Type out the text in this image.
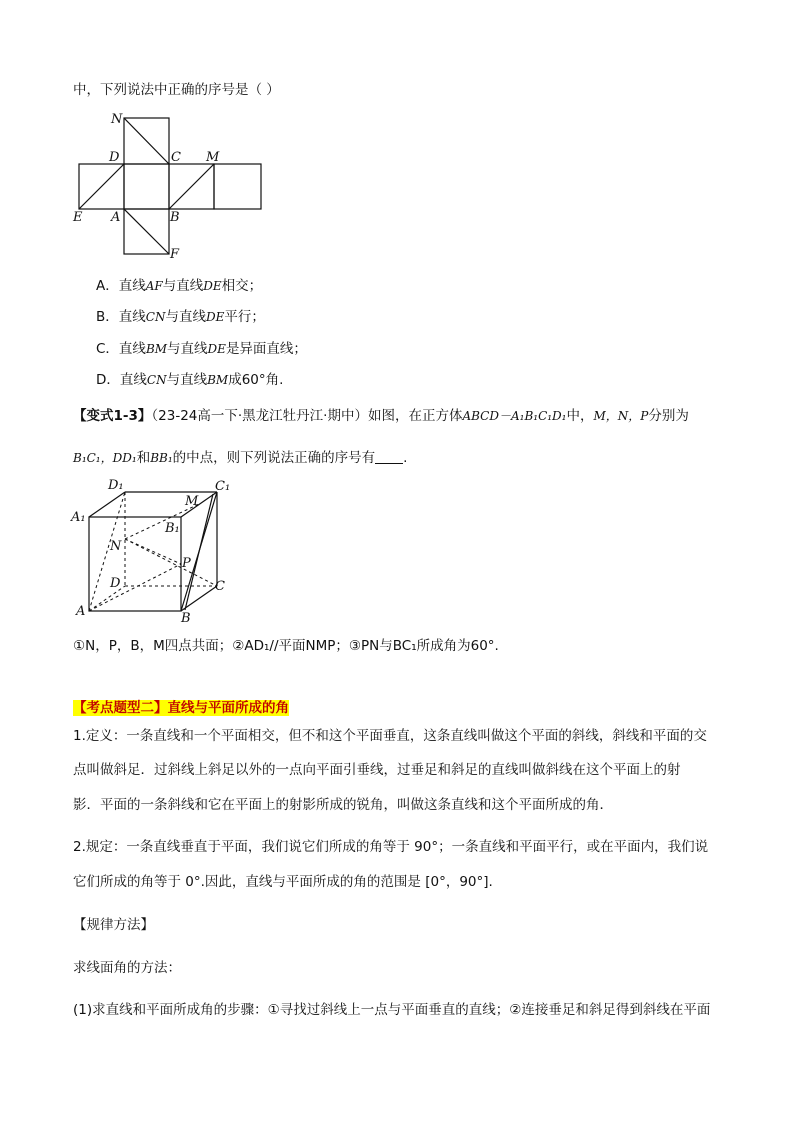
中，下列说法中正确的序号是（ ）
N
D	C M
E A	B
F
A．直线AF与直线DE相交；
B．直线CN与直线DE平行；
C．直线BM与直线DE是异面直线；
D．直线CN与直线BM成60°角.
【变式1-3】（23-24高一下·黑龙江牡丹江·期中）如图，在正方体ABCD－A₁B₁C₁D₁中，M，N，P分别为
B₁C₁，DD₁和BB₁的中点，则下列说法正确的序号有 .
D₁	C₁
A₁
M
B₁
N
P
D	C
A	B
①N，P，B，M四点共面；②AD₁//平面NMP；③PN与BC₁所成角为60°.
【考点题型二】直线与平面所成的角
1.定义：一条直线和一个平面相交，但不和这个平面垂直，这条直线叫做这个平面的斜线，斜线和平面的交
点叫做斜足．过斜线上斜足以外的一点向平面引垂线，过垂足和斜足的直线叫做斜线在这个平面上的射
影．平面的一条斜线和它在平面上的射影所成的锐角，叫做这条直线和这个平面所成的角．
2.规定：一条直线垂直于平面，我们说它们所成的角等于 90°；一条直线和平面平行，或在平面内，我们说
它们所成的角等于 0°.因此，直线与平面所成的角的范围是 [0°，90°].
【规律方法】
求线面角的方法：
(1)求直线和平面所成角的步骤：①寻找过斜线上一点与平面垂直的直线；②连接垂足和斜足得到斜线在平面
